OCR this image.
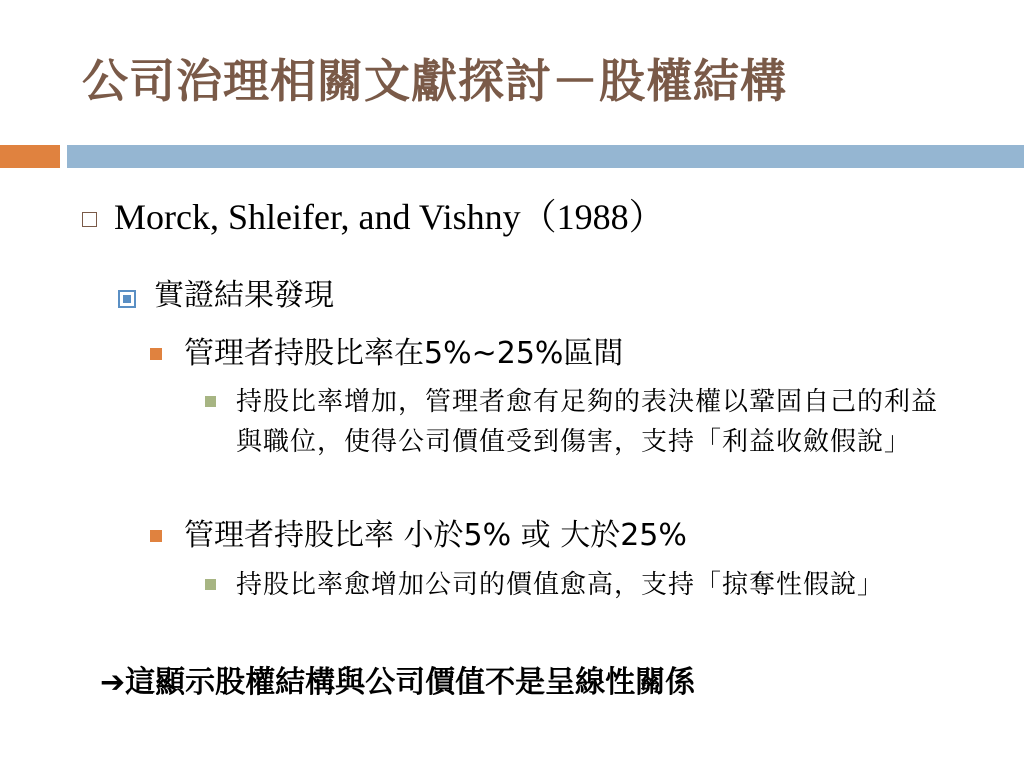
公司治理相關文獻探討－股權結構
Morck, Shleifer, and Vishny（1988）
實證結果發現
管理者持股比率在5%~25%區間
持股比率增加，管理者愈有足夠的表決權以鞏固自己的利益與職位，使得公司價值受到傷害，支持「利益收斂假說」
管理者持股比率 小於5% 或 大於25%
持股比率愈增加公司的價值愈高，支持「掠奪性假說」
➔這顯示股權結構與公司價值不是呈線性關係
